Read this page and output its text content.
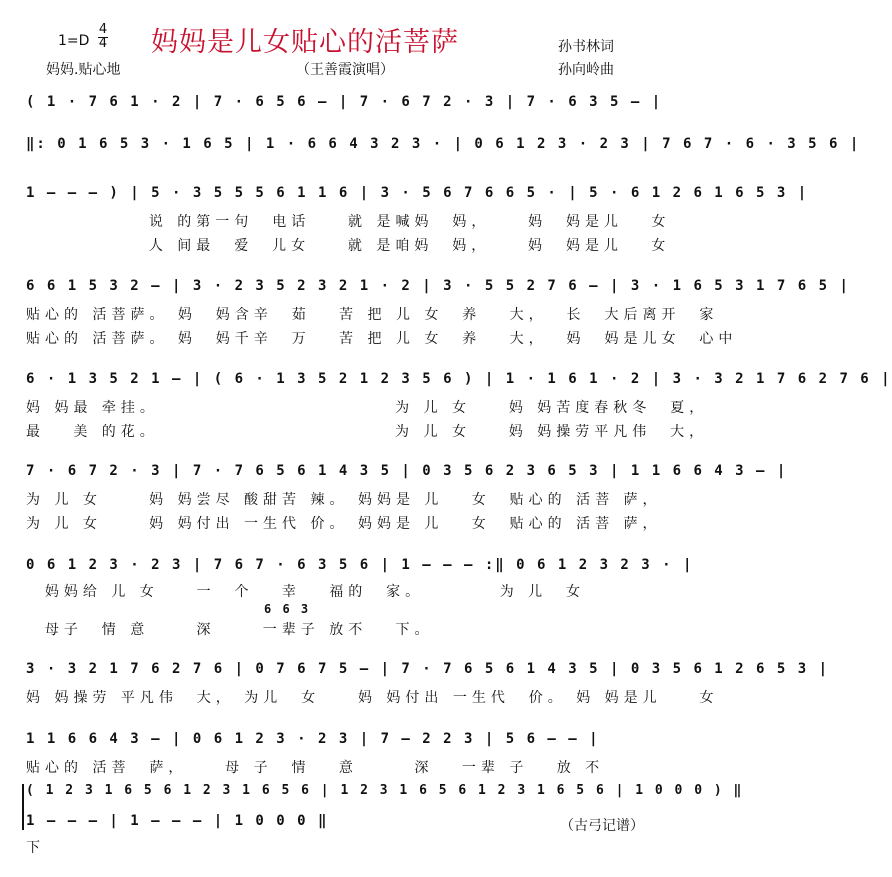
1=D
4
4 妈妈是儿女贴心的活菩萨	孙书林词
妈妈.贴心地	（王善霞演唱）	孙向岭曲
( 1 · 7 6 1 · 2 | 7 · 6 5 6 — | 7 · 6 7 2 · 3 | 7 · 6 3 5 — |
‖: 0 1 6 5 3 · 1 6 5 | 1 · 6 6 4 3 2 3 · | 0 6 1 2 3 · 2 3 | 7 6 7 · 6 · 3 5 6 |
1 — — — ) | 5 · 3 5 5 5 6 1 1 6 | 3 · 5 6 7 6 6 5 · | 5 · 6 1 2 6 1 6 5 3 |
说 的第一句  电话    就 是喊妈  妈，    妈  妈是儿   女
人 间最  爱  儿女    就 是咱妈  妈，    妈  妈是儿   女
6 6 1 5 3 2 — | 3 · 2 3 5 2 3 2 1 · 2 | 3 · 5 5 2 7 6 — | 3 · 1 6 5 3 1 7 6 5 |
贴心的 活菩萨。 妈  妈含辛  茹   苦 把 儿 女  养   大，  长  大后离开  家
贴心的 活菩萨。 妈  妈千辛  万   苦 把 儿 女  养   大，  妈  妈是儿女  心中
6 · 1 3 5 2 1 — | ( 6 · 1 3 5 2 1 2 3 5 6 ) | 1 · 1 6 1 · 2 | 3 · 3 2 1 7 6 2 7 6 |
妈 妈最 牵挂。                         为 儿 女    妈 妈苦度春秋冬  夏，
最   美 的花。                         为 儿 女    妈 妈操劳平凡伟  大，
7 · 6 7 2 · 3 | 7 · 7 6 5 6 1 4 3 5 | 0 3 5 6 2 3 6 5 3 | 1 1 6 6 4 3 — |
为 儿 女     妈 妈尝尽 酸甜苦 辣。 妈妈是 儿   女  贴心的 活菩 萨，
为 儿 女     妈 妈付出 一生代 价。 妈妈是 儿   女  贴心的 活菩 萨，
0 6 1 2 3 · 2 3 | 7 6 7 · 6 3 5 6 | 1 — — — :‖ 0 6 1 2 3 2 3 · |
妈妈给 儿 女    一  个   幸   福的  家。        为 儿  女
6 6 3
母子  情 意     深     一辈子 放不   下。
3 · 3 2 1 7 6 2 7 6 | 0 7 6 7 5 — | 7 · 7 6 5 6 1 4 3 5 | 0 3 5 6 1 2 6 5 3 |
妈 妈操劳 平凡伟  大， 为儿  女    妈 妈付出 一生代  价。 妈 妈是儿    女
1 1 6 6 4 3 — | 0 6 1 2 3 · 2 3 | 7 — 2 2 3 | 5 6 — — |
贴心的 活菩  萨，    母 子  情   意      深   一辈 子   放 不
( 1 2 3 1 6 5 6 1 2 3 1 6 5 6 | 1 2 3 1 6 5 6 1 2 3 1 6 5 6 | 1 0 0 0 ) ‖
1 — — — | 1 — — — | 1 0 0 0 ‖
下
（古弓记谱）
